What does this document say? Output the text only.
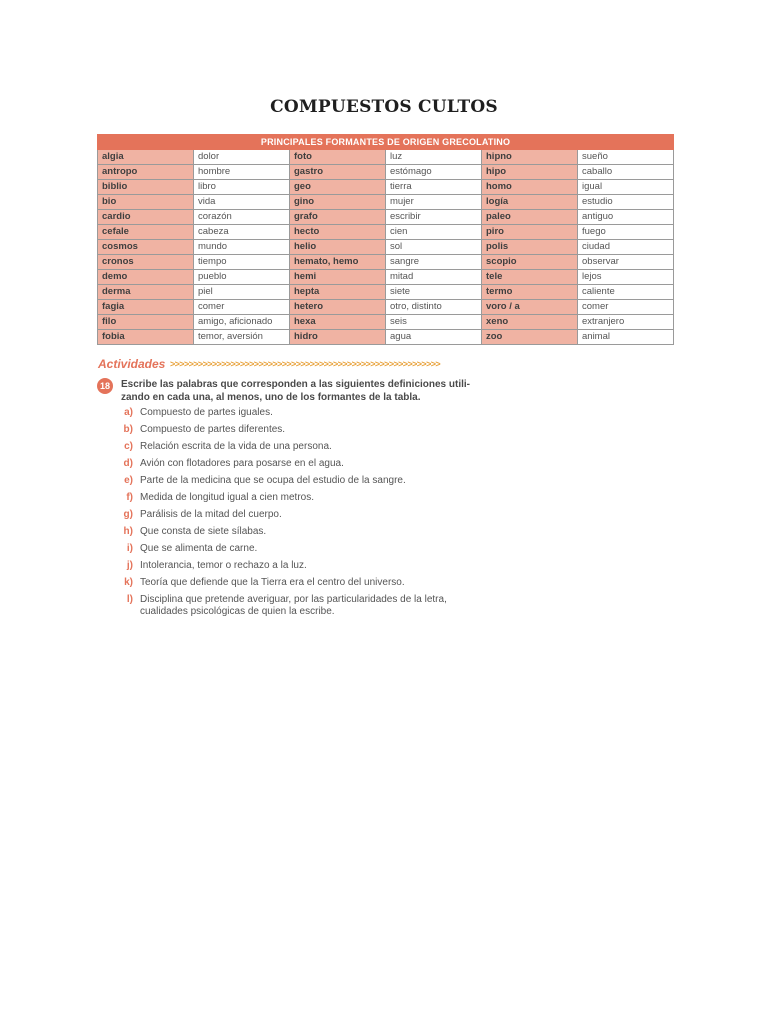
COMPUESTOS CULTOS
PRINCIPALES FORMANTES DE ORIGEN GRECOLATINO					
algia	dolor	foto	luz	hipno	sueño
antropo	hombre	gastro	estómago	hipo	caballo
biblio	libro	geo	tierra	homo	igual
bio	vida	gino	mujer	logía	estudio
cardio	corazón	grafo	escribir	paleo	antiguo
cefale	cabeza	hecto	cien	piro	fuego
cosmos	mundo	helio	sol	polis	ciudad
cronos	tiempo	hemato, hemo	sangre	scopio	observar
demo	pueblo	hemi	mitad	tele	lejos
derma	piel	hepta	siete	termo	caliente
fagia	comer	hetero	otro, distinto	voro / a	comer
filo	amigo, aficionado	hexa	seis	xeno	extranjero
fobia	temor, aversión	hidro	agua	zoo	animal
Actividades >>>>>>>>>>>>>>>>>>>>>>>>>>>>>>>>>>>>>>>>>>>>>>>>>>>>>>>>>>
18	Escribe las palabras que corresponden a las siguientes definiciones utili-zando en cada una, al menos, uno de los formantes de la tabla.
a) Compuesto de partes iguales.
b) Compuesto de partes diferentes.
c) Relación escrita de la vida de una persona.
d) Avión con flotadores para posarse en el agua.
e) Parte de la medicina que se ocupa del estudio de la sangre.
f) Medida de longitud igual a cien metros.
g) Parálisis de la mitad del cuerpo.
h) Que consta de siete sílabas.
i) Que se alimenta de carne.
j) Intolerancia, temor o rechazo a la luz.
k) Teoría que defiende que la Tierra era el centro del universo.
l) Disciplina que pretende averiguar, por las particularidades de la letra, cualidades psicológicas de quien la escribe.
